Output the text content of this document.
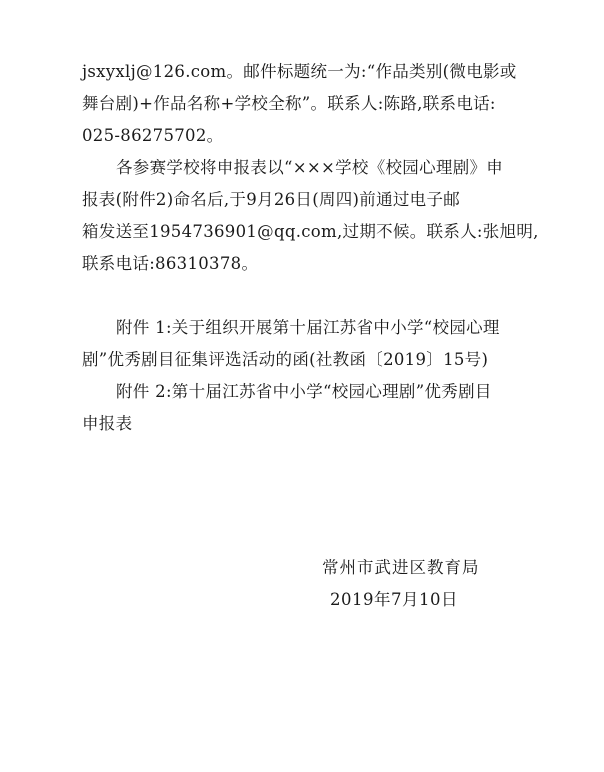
jsxyxlj@126.com。邮件标题统一为:“作品类别(微电影或
舞台剧)+作品名称+学校全称”。联系人:陈路,联系电话:
025-86275702。
各参赛学校将申报表以“×××学校《校园心理剧》申
报表(附件2)命名后,于9月26日(周四)前通过电子邮
箱发送至1954736901@qq.com,过期不候。联系人:张旭明,
联系电话:86310378。
附件 1:关于组织开展第十届江苏省中小学“校园心理
剧”优秀剧目征集评选活动的函(社教函〔2019〕15号)
附件 2:第十届江苏省中小学“校园心理剧”优秀剧目
申报表
常州市武进区教育局
2019年7月10日
